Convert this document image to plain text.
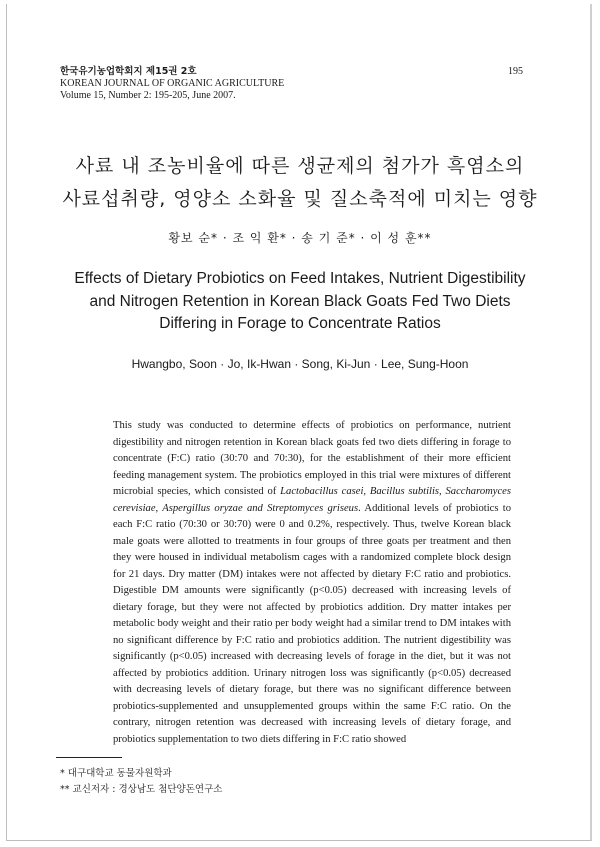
한국유기농업학회지 제15권 2호
KOREAN JOURNAL OF ORGANIC AGRICULTURE
Volume 15, Number 2: 195-205, June 2007.
195
사료 내 조농비율에 따른 생균제의 첨가가 흑염소의
사료섭취량, 영양소 소화율 및 질소축적에 미치는 영향
황보 순* · 조 익 환* · 송 기 준* · 이 성 훈**
Effects of Dietary Probiotics on Feed Intakes, Nutrient Digestibility
and Nitrogen Retention in Korean Black Goats Fed Two Diets
Differing in Forage to Concentrate Ratios
Hwangbo, Soon · Jo, Ik-Hwan · Song, Ki-Jun · Lee, Sung-Hoon

This study was conducted to determine effects of probiotics on performance, nutrient digestibility and nitrogen retention in Korean black goats fed two diets differing in forage to concentrate (F:C) ratio (30:70 and 70:30), for the establishment of their more efficient feeding management system. The probiotics employed in this trial were mixtures of different microbial species, which consisted of Lactobacillus casei, Bacillus subtilis, Saccharomyces cerevisiae, Aspergillus oryzae and Streptomyces griseus. Additional levels of probiotics to each F:C ratio (70:30 or 30:70) were 0 and 0.2%, respectively. Thus, twelve Korean black male goats were allotted to treatments in four groups of three goats per treatment and then they were housed in individual metabolism cages with a randomized complete block design for 21 days. Dry matter (DM) intakes were not affected by dietary F:C ratio and probiotics. Digestible DM amounts were significantly (p<0.05) decreased with increasing levels of dietary forage, but they were not affected by probiotics addition. Dry matter intakes per metabolic body weight and their ratio per body weight had a similar trend to DM intakes with no significant difference by F:C ratio and probiotics addition. The nutrient digestibility was significantly (p<0.05) increased with decreasing levels of forage in the diet, but it was not affected by probiotics addition. Urinary nitrogen loss was significantly (p<0.05) decreased with decreasing levels of dietary forage, but there was no significant difference between probiotics-supplemented and unsupplemented groups within the same F:C ratio. On the contrary, nitrogen retention was decreased with increasing levels of dietary forage, and probiotics supplementation to two diets differing in F:C ratio showed

* 대구대학교 동물자원학과
** 교신저자 : 경상남도 첨단양돈연구소
